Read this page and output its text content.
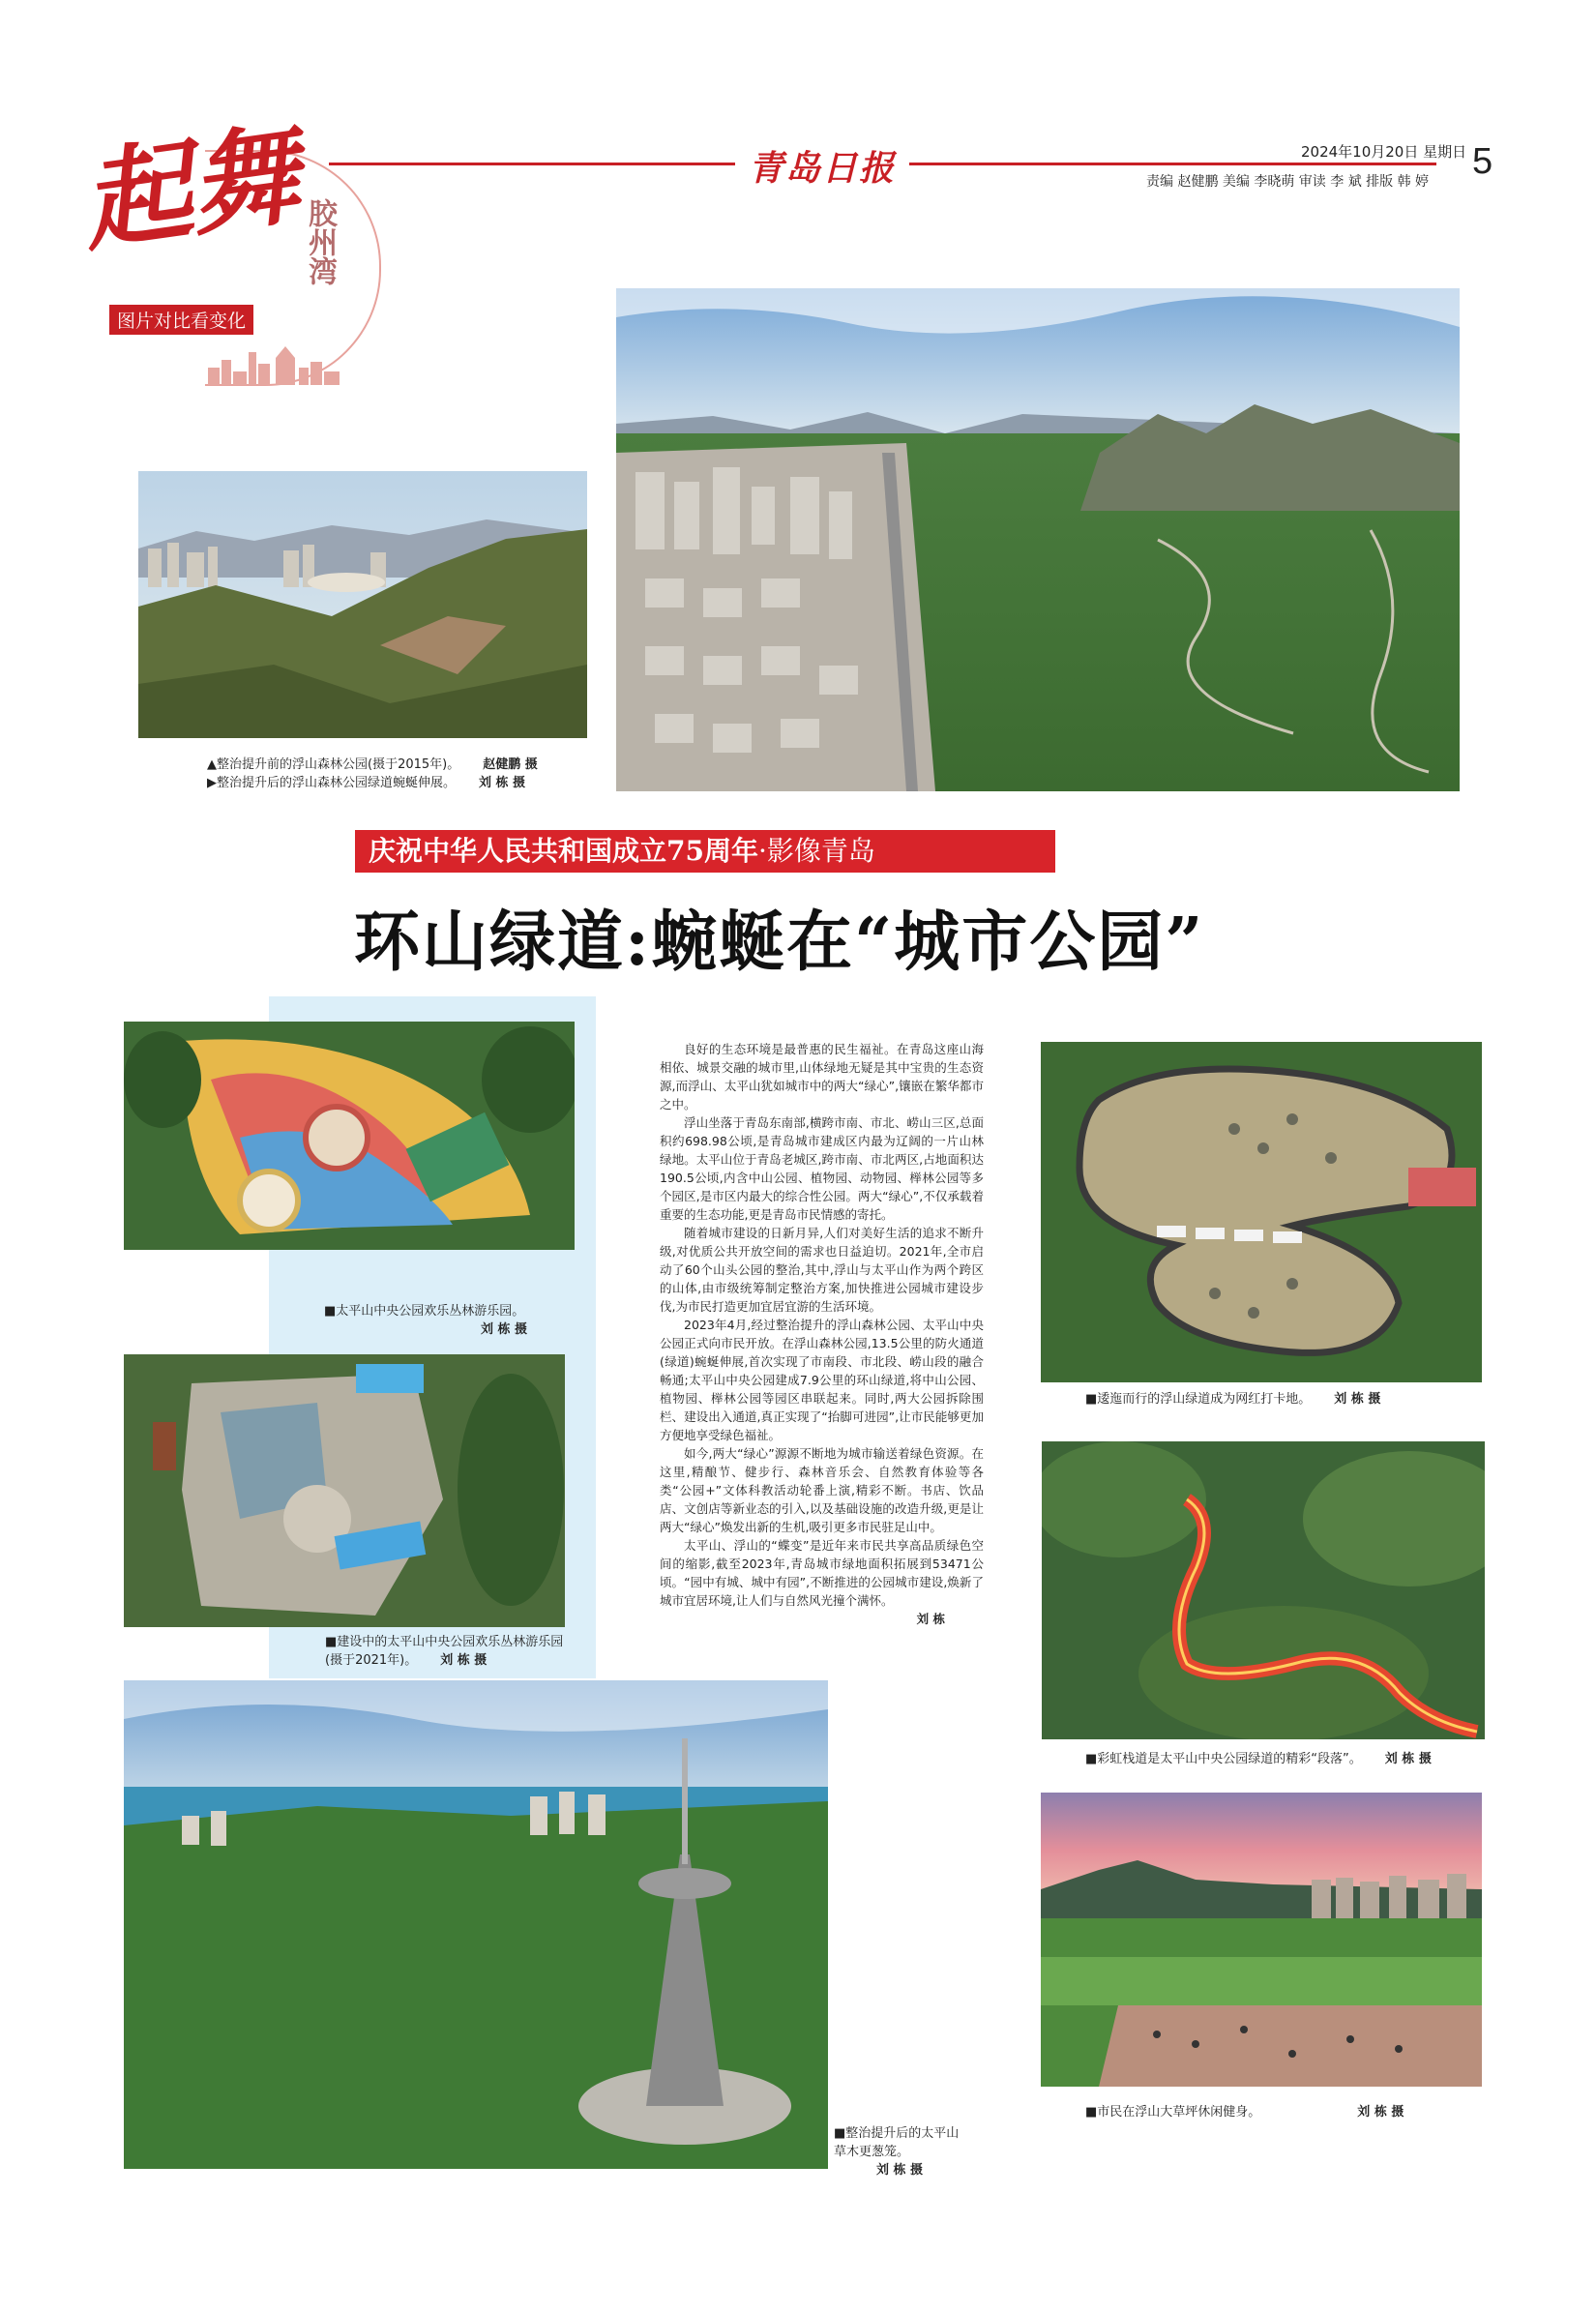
青岛日报	2024年10月20日 星期日 5
责编 赵健鹏 美编 李晓萌 审读 李 斌 排版 韩 婷
起舞
胶州湾
图片对比看变化
▲整治提升前的浮山森林公园(摄于2015年)。 赵健鹏 摄
▶整治提升后的浮山森林公园绿道蜿蜒伸展。 刘 栋 摄
庆祝中华人民共和国成立75周年·影像青岛
环山绿道:蜿蜒在“城市公园”
■太平山中央公园欢乐丛林游乐园。
刘 栋 摄
■建设中的太平山中央公园欢乐丛林游乐园(摄于2021年)。 刘 栋 摄

良好的生态环境是最普惠的民生福祉。在青岛这座山海相依、城景交融的城市里,山体绿地无疑是其中宝贵的生态资源,而浮山、太平山犹如城市中的两大“绿心”,镶嵌在繁华都市之中。

浮山坐落于青岛东南部,横跨市南、市北、崂山三区,总面积约698.98公顷,是青岛城市建成区内最为辽阔的一片山林绿地。太平山位于青岛老城区,跨市南、市北两区,占地面积达190.5公顷,内含中山公园、植物园、动物园、榉林公园等多个园区,是市区内最大的综合性公园。两大“绿心”,不仅承载着重要的生态功能,更是青岛市民情感的寄托。

随着城市建设的日新月异,人们对美好生活的追求不断升级,对优质公共开放空间的需求也日益迫切。2021年,全市启动了60个山头公园的整治,其中,浮山与太平山作为两个跨区的山体,由市级统筹制定整治方案,加快推进公园城市建设步伐,为市民打造更加宜居宜游的生活环境。

2023年4月,经过整治提升的浮山森林公园、太平山中央公园正式向市民开放。在浮山森林公园,13.5公里的防火通道(绿道)蜿蜒伸展,首次实现了市南段、市北段、崂山段的融合畅通;太平山中央公园建成7.9公里的环山绿道,将中山公园、植物园、榉林公园等园区串联起来。同时,两大公园拆除围栏、建设出入通道,真正实现了“抬脚可进园”,让市民能够更加方便地享受绿色福祉。

如今,两大“绿心”源源不断地为城市输送着绿色资源。在这里,精酿节、健步行、森林音乐会、自然教育体验等各类“公园+”文体科教活动轮番上演,精彩不断。书店、饮品店、文创店等新业态的引入,以及基础设施的改造升级,更是让两大“绿心”焕发出新的生机,吸引更多市民驻足山中。

太平山、浮山的“蝶变”是近年来市民共享高品质绿色空间的缩影,截至2023年,青岛城市绿地面积拓展到53471公顷。“园中有城、城中有园”,不断推进的公园城市建设,焕新了城市宜居环境,让人们与自然风光撞个满怀。

刘 栋

■逶迤而行的浮山绿道成为网红打卡地。 刘 栋 摄
■彩虹栈道是太平山中央公园绿道的精彩“段落”。 刘 栋 摄
■市民在浮山大草坪休闲健身。	刘 栋 摄
■整治提升后的太平山草木更葱笼。
刘 栋 摄
